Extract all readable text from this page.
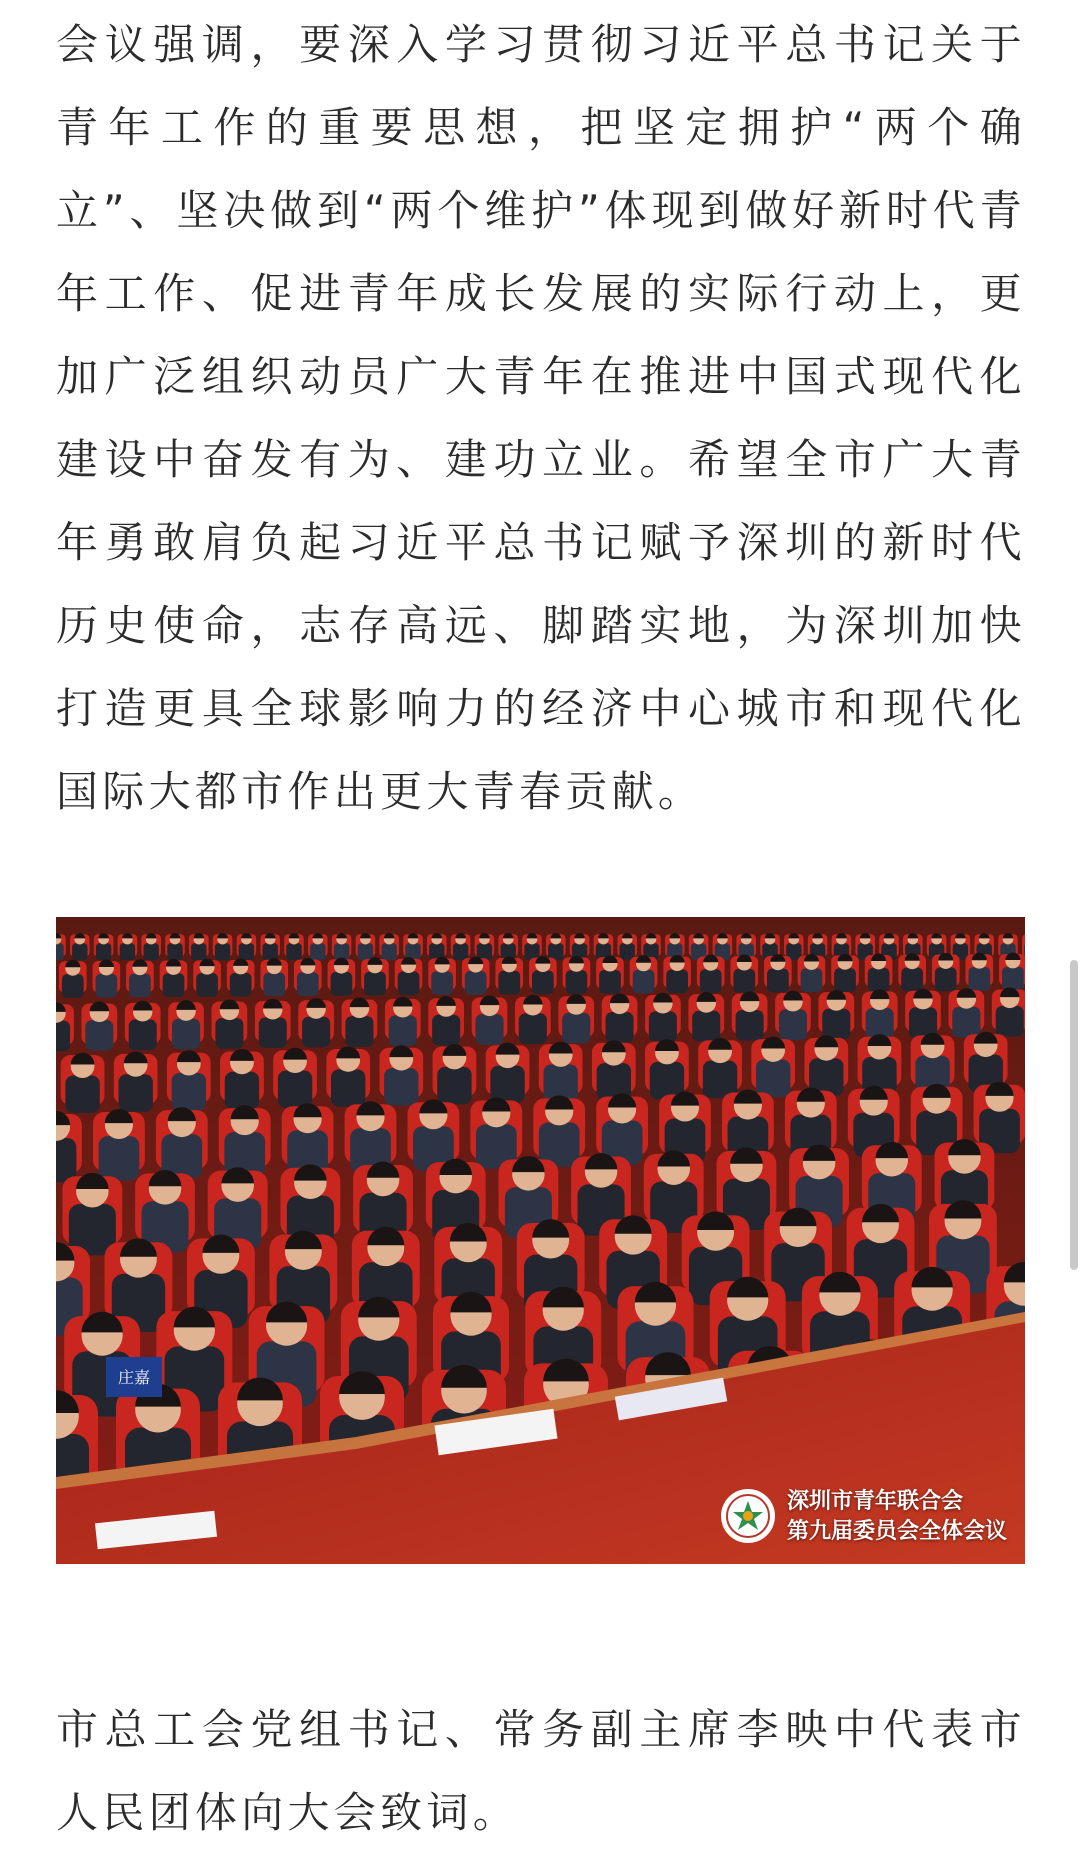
会议强调，要深入学习贯彻习近平总书记关于青年工作的重要思想，把坚定拥护“两个确立”、坚决做到“两个维护”体现到做好新时代青年工作、促进青年成长发展的实际行动上，更加广泛组织动员广大青年在推进中国式现代化建设中奋发有为、建功立业。希望全市广大青年勇敢肩负起习近平总书记赋予深圳的新时代历史使命，志存高远、脚踏实地，为深圳加快打造更具全球影响力的经济中心城市和现代化国际大都市作出更大青春贡献。

庄嘉
深圳市青年联合会
第九届委员会全体会议

市总工会党组书记、常务副主席李映中代表市人民团体向大会致词。
